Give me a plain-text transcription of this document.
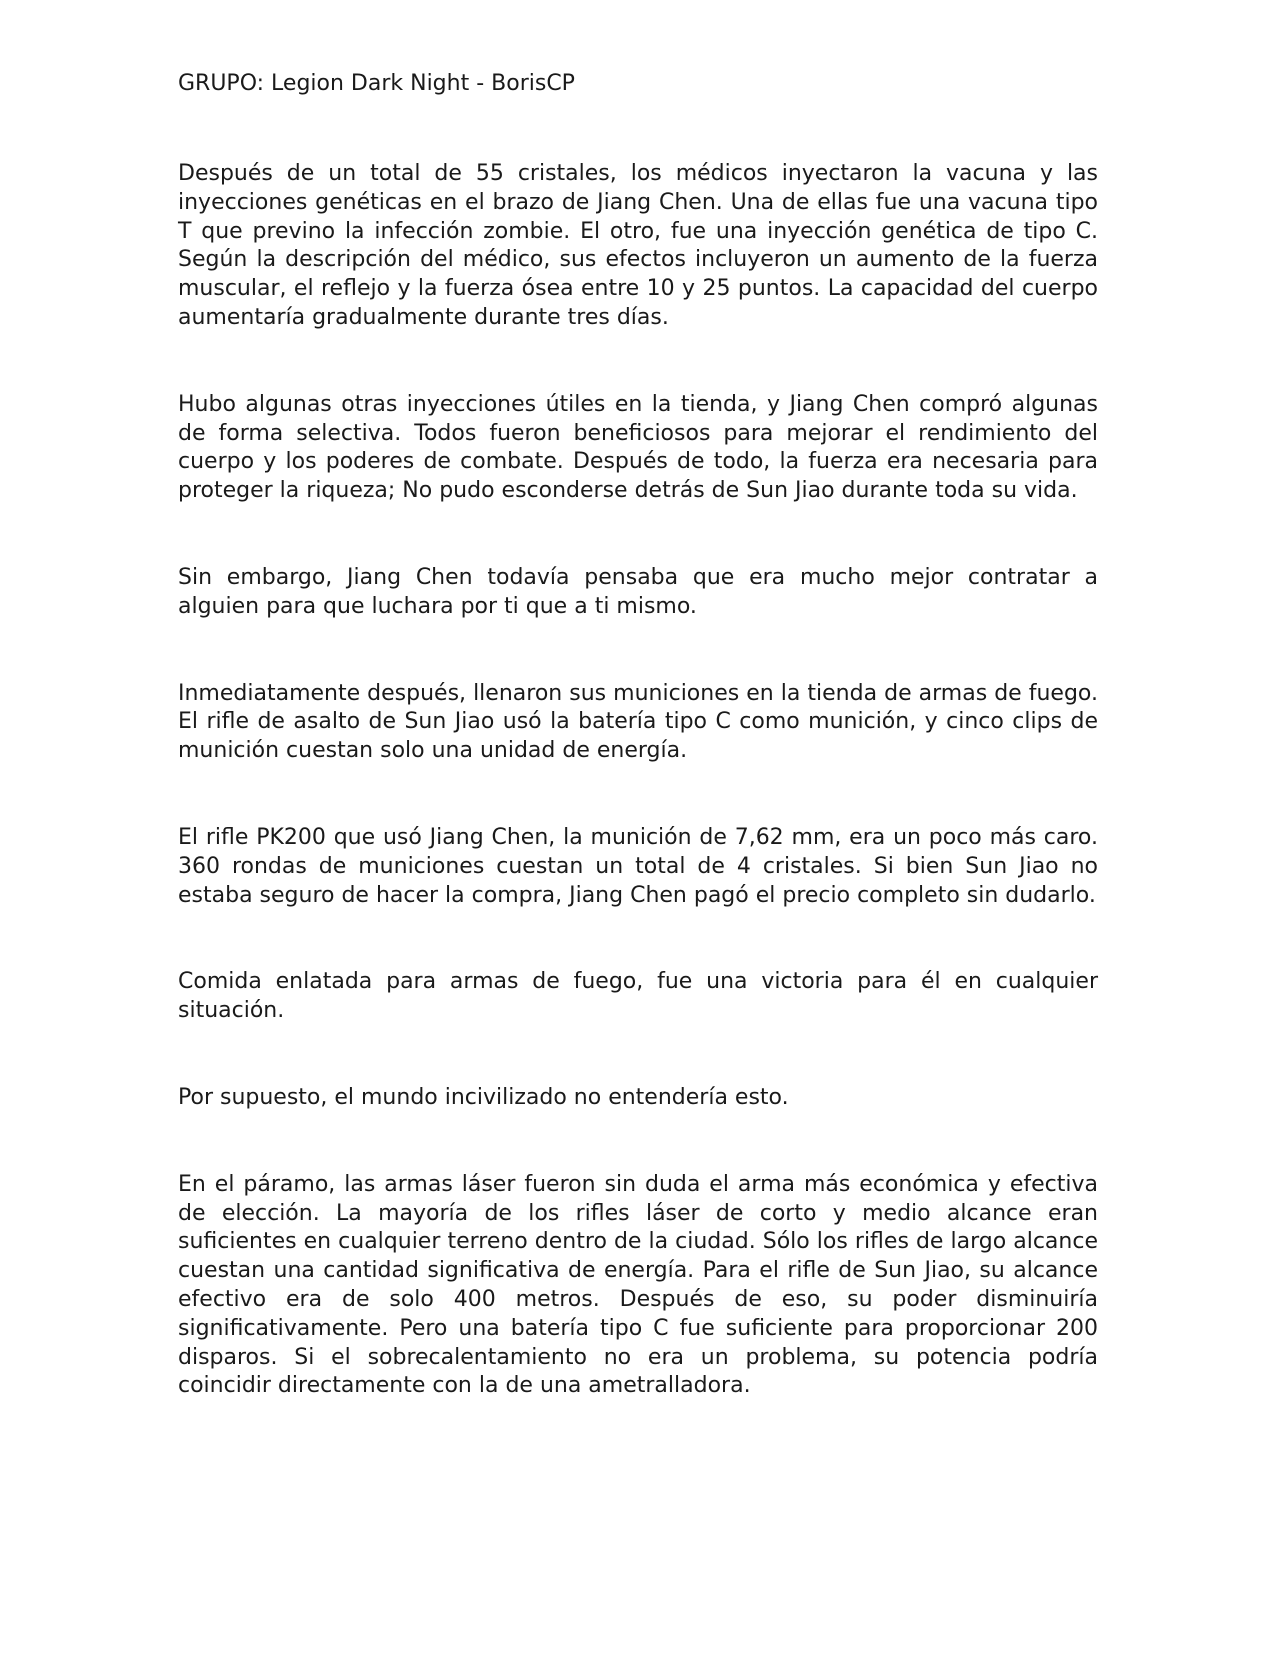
GRUPO: Legion Dark Night - BorisCP

Después de un total de 55 cristales, los médicos inyectaron la vacuna y las inyecciones genéticas en el brazo de Jiang Chen. Una de ellas fue una vacuna tipo T que previno la infección zombie. El otro, fue una inyección genética de tipo C. Según la descripción del médico, sus efectos incluyeron un aumento de la fuerza muscular, el reflejo y la fuerza ósea entre 10 y 25 puntos. La capacidad del cuerpo aumentaría gradualmente durante tres días.

Hubo algunas otras inyecciones útiles en la tienda, y Jiang Chen compró algunas de forma selectiva. Todos fueron beneficiosos para mejorar el rendimiento del cuerpo y los poderes de combate. Después de todo, la fuerza era necesaria para proteger la riqueza; No pudo esconderse detrás de Sun Jiao durante toda su vida.

Sin embargo, Jiang Chen todavía pensaba que era mucho mejor contratar a alguien para que luchara por ti que a ti mismo.

Inmediatamente después, llenaron sus municiones en la tienda de armas de fuego. El rifle de asalto de Sun Jiao usó la batería tipo C como munición, y cinco clips de munición cuestan solo una unidad de energía.

El rifle PK200 que usó Jiang Chen, la munición de 7,62 mm, era un poco más caro. 360 rondas de municiones cuestan un total de 4 cristales. Si bien Sun Jiao no estaba seguro de hacer la compra, Jiang Chen pagó el precio completo sin dudarlo.

Comida enlatada para armas de fuego, fue una victoria para él en cualquier situación.

Por supuesto, el mundo incivilizado no entendería esto.

En el páramo, las armas láser fueron sin duda el arma más económica y efectiva de elección. La mayoría de los rifles láser de corto y medio alcance eran suficientes en cualquier terreno dentro de la ciudad. Sólo los rifles de largo alcance cuestan una cantidad significativa de energía. Para el rifle de Sun Jiao, su alcance efectivo era de solo 400 metros. Después de eso, su poder disminuiría significativamente. Pero una batería tipo C fue suficiente para proporcionar 200 disparos. Si el sobrecalentamiento no era un problema, su potencia podría coincidir directamente con la de una ametralladora.
